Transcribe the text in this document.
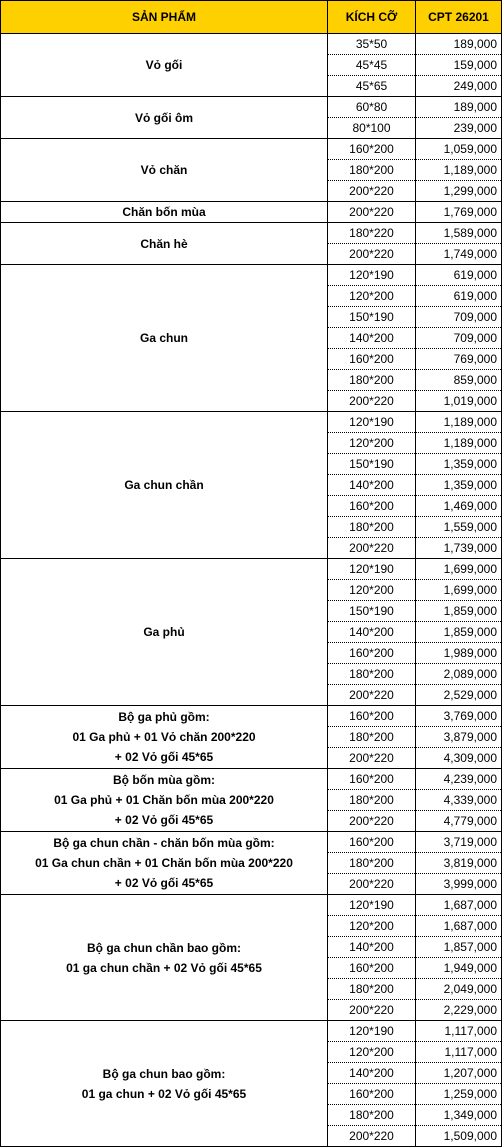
SẢN PHẨM	KÍCH CỠ	CPT 26201

Vỏ gối	35*50	189,000
	45*45	159,000
	45*65	249,000

Vỏ gối ôm	60*80	189,000
	80*100	239,000

Vỏ chăn	160*200	1,059,000
	180*200	1,189,000
	200*220	1,299,000

Chăn bốn mùa	200*220	1,769,000

Chăn hè	180*220	1,589,000
	200*220	1,749,000

Ga chun	120*190	619,000
	120*200	619,000
	150*190	709,000
	140*200	709,000
	160*200	769,000
	180*200	859,000
	200*220	1,019,000

Ga chun chần	120*190	1,189,000
	120*200	1,189,000
	150*190	1,359,000
	140*200	1,359,000
	160*200	1,469,000
	180*200	1,559,000
	200*220	1,739,000

Ga phủ	120*190	1,699,000
	120*200	1,699,000
	150*190	1,859,000
	140*200	1,859,000
	160*200	1,989,000
	180*200	2,089,000
	200*220	2,529,000

Bộ ga phủ gồm:
01 Ga phủ + 01 Vỏ chăn 200*220
+ 02 Vỏ gối 45*65	160*200	3,769,000
	180*200	3,879,000
	200*220	4,309,000

Bộ bốn mùa gồm:
01 Ga phủ + 01 Chăn bốn mùa 200*220
+ 02 Vỏ gối 45*65	160*200	4,239,000
	180*200	4,339,000
	200*220	4,779,000

Bộ ga chun chần - chăn bốn mùa gồm:
01 Ga chun chần + 01 Chăn bốn mùa 200*220
+ 02 Vỏ gối 45*65	160*200	3,719,000
	180*200	3,819,000
	200*220	3,999,000

Bộ ga chun chần bao gồm:
01 ga chun chần + 02 Vỏ gối 45*65	120*190	1,687,000
	120*200	1,687,000
	140*200	1,857,000
	160*200	1,949,000
	180*200	2,049,000
	200*220	2,229,000

Bộ ga chun bao gồm:
01 ga chun + 02 Vỏ gối 45*65	120*190	1,117,000
	120*200	1,117,000
	140*200	1,207,000
	160*200	1,259,000
	180*200	1,349,000
	200*220	1,509,000
